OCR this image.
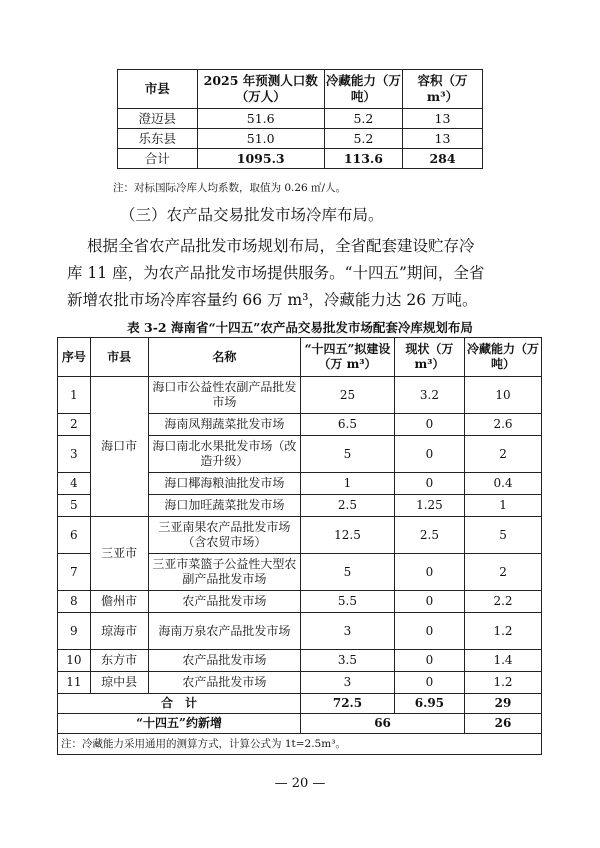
市县	2025 年预测人口数（万人）	冷藏能力（万吨）	容积（万 m³）
澄迈县	51.6	5.2	13
乐东县	51.0	5.2	13
合计	1095.3	113.6	284
注：对标国际冷库人均系数，取值为 0.26 ㎥/人。
（三）农产品交易批发市场冷库布局。

根据全省农产品批发市场规划布局，全省配套建设贮存冷

库 11 座，为农产品批发市场提供服务。“十四五”期间，全省

新增农批市场冷库容量约 66 万 m³，冷藏能力达 26 万吨。

表 3-2 海南省“十四五”农产品交易批发市场配套冷库规划布局
序号	市县	名称	“十四五”拟建设（万 m³）	现状（万 m³）	冷藏能力（万吨）
1	海口市	海口市公益性农副产品批发市场	25	3.2	10
2		海南凤翔蔬菜批发市场	6.5	0	2.6
3		海口南北水果批发市场（改造升级）	5	0	2
4		海口椰海粮油批发市场	1	0	0.4
5		海口加旺蔬菜批发市场	2.5	1.25	1
6	三亚市	三亚南果农产品批发市场（含农贸市场）	12.5	2.5	5
7		三亚市菜篮子公益性大型农副产品批发市场	5	0	2
8	儋州市	农产品批发市场	5.5	0	2.2
9	琼海市	海南万泉农产品批发市场	3	0	1.2
10	东方市	农产品批发市场	3.5	0	1.4
11	琼中县	农产品批发市场	3	0	1.2
合　计			72.5	6.95	29
“十四五”约新增			66		26
注：冷藏能力采用通用的测算方式，计算公式为 1t=2.5m³。					
— 20 —
